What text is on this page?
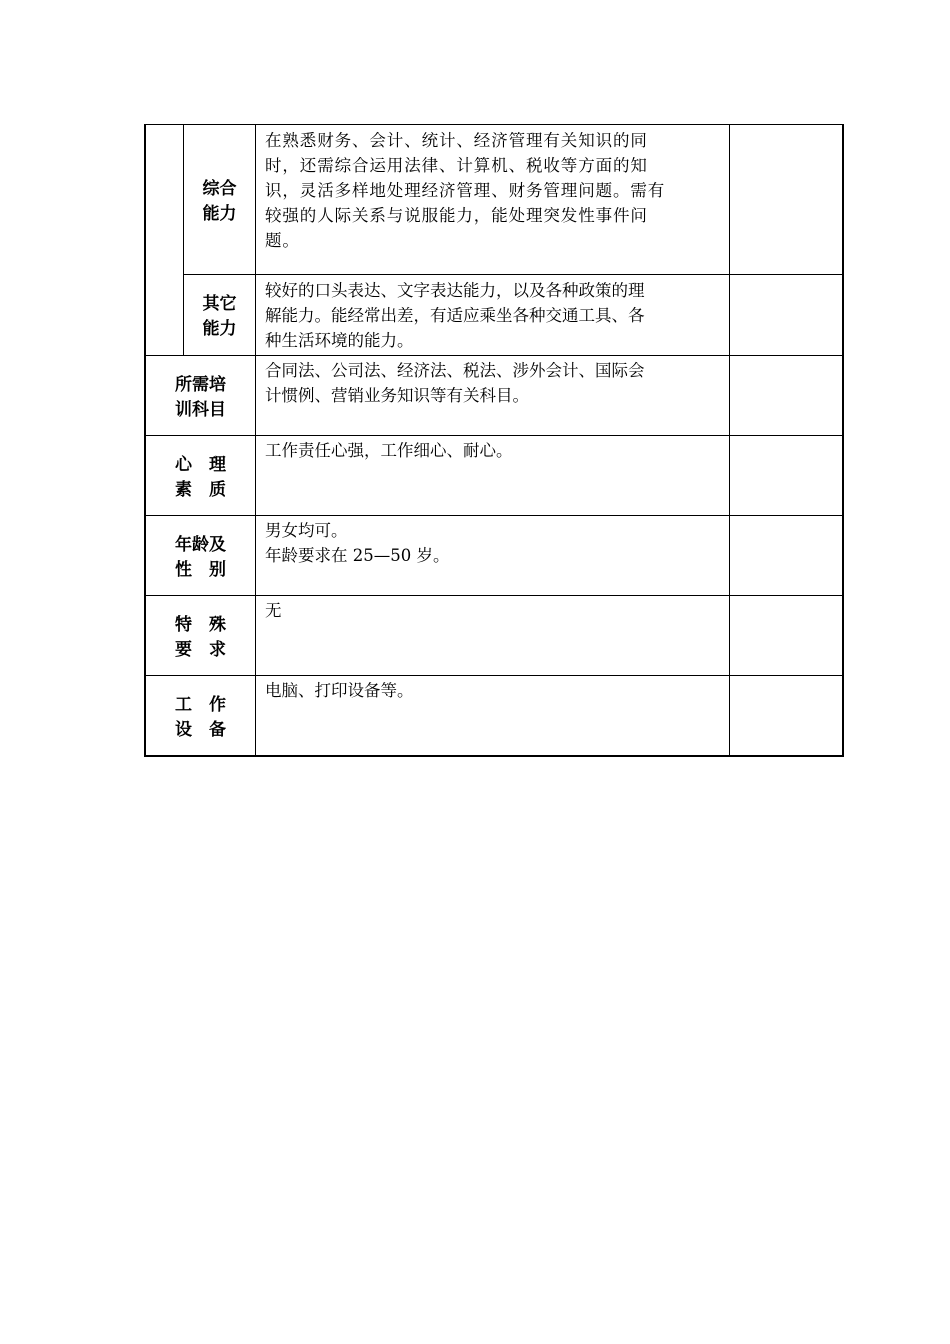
综合
能力
在熟悉财务、会计、统计、经济管理有关知识的同
时，还需综合运用法律、计算机、税收等方面的知
识，灵活多样地处理经济管理、财务管理问题。需有
较强的人际关系与说服能力，能处理突发性事件问
题。
其它
能力
较好的口头表达、文字表达能力，以及各种政策的理
解能力。能经常出差，有适应乘坐各种交通工具、各
种生活环境的能力。
所需培
训科目
合同法、公司法、经济法、税法、涉外会计、国际会
计惯例、营销业务知识等有关科目。
心　理
素　质
工作责任心强，工作细心、耐心。
年龄及
性　别
男女均可。
年龄要求在 25—50 岁。
特　殊
要　求
无
工　作
设　备
电脑、打印设备等。
